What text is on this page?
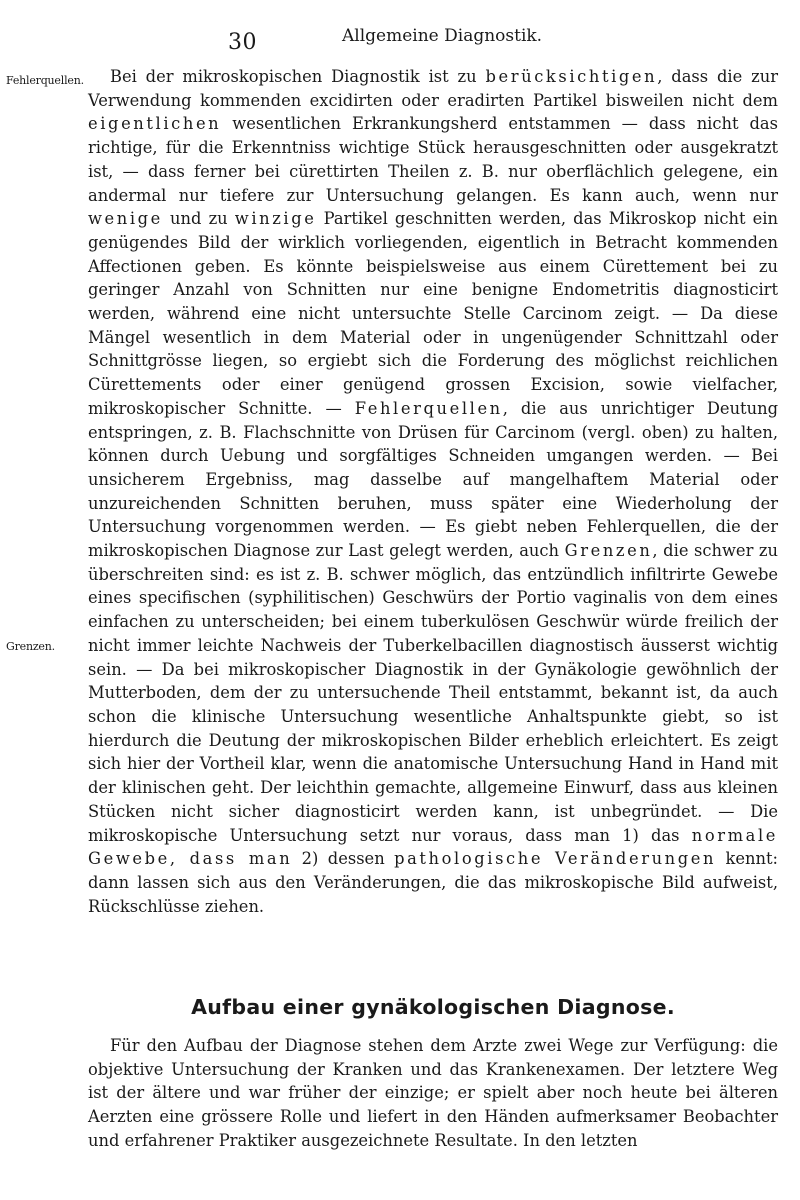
30	Allgemeine Diagnostik.
Fehlerquellen.
Grenzen.

Bei der mikroskopischen Diagnostik ist zu berücksichtigen, dass die zur Verwendung kommenden excidirten oder eradirten Partikel bisweilen nicht dem eigentlichen wesentlichen Erkrankungsherd entstammen — dass nicht das richtige, für die Erkenntniss wichtige Stück herausgeschnitten oder ausgekratzt ist, — dass ferner bei cürettirten Theilen z. B. nur oberflächlich gelegene, ein andermal nur tiefere zur Untersuchung gelangen. Es kann auch, wenn nur wenige und zu winzige Partikel geschnitten werden, das Mikroskop nicht ein genügendes Bild der wirklich vorliegenden, eigentlich in Betracht kommenden Affectionen geben. Es könnte beispielsweise aus einem Cürettement bei zu geringer Anzahl von Schnitten nur eine benigne Endometritis diagnosticirt werden, während eine nicht untersuchte Stelle Carcinom zeigt. — Da diese Mängel wesentlich in dem Material oder in ungenügender Schnittzahl oder Schnittgrösse liegen, so ergiebt sich die Forderung des möglichst reichlichen Cürettements oder einer genügend grossen Excision, sowie vielfacher, mikroskopischer Schnitte. — Fehlerquellen, die aus unrichtiger Deutung entspringen, z. B. Flachschnitte von Drüsen für Carcinom (vergl. oben) zu halten, können durch Uebung und sorgfältiges Schneiden umgangen werden. — Bei unsicherem Ergebniss, mag dasselbe auf mangelhaftem Material oder unzureichenden Schnitten beruhen, muss später eine Wiederholung der Untersuchung vorgenommen werden. — Es giebt neben Fehlerquellen, die der mikroskopischen Diagnose zur Last gelegt werden, auch Grenzen, die schwer zu überschreiten sind: es ist z. B. schwer möglich, das entzündlich infiltrirte Gewebe eines specifischen (syphilitischen) Geschwürs der Portio vaginalis von dem eines einfachen zu unterscheiden; bei einem tuberkulösen Geschwür würde freilich der nicht immer leichte Nachweis der Tuberkelbacillen diagnostisch äusserst wichtig sein. — Da bei mikroskopischer Diagnostik in der Gynäkologie gewöhnlich der Mutterboden, dem der zu untersuchende Theil entstammt, bekannt ist, da auch schon die klinische Untersuchung wesentliche Anhaltspunkte giebt, so ist hierdurch die Deutung der mikroskopischen Bilder erheblich erleichtert. Es zeigt sich hier der Vortheil klar, wenn die anatomische Untersuchung Hand in Hand mit der klinischen geht. Der leichthin gemachte, allgemeine Einwurf, dass aus kleinen Stücken nicht sicher diagnosticirt werden kann, ist unbegründet. — Die mikroskopische Untersuchung setzt nur voraus, dass man 1) das normale Gewebe, dass man 2) dessen pathologische Veränderungen kennt: dann lassen sich aus den Veränderungen, die das mikroskopische Bild aufweist, Rückschlüsse ziehen.

Aufbau einer gynäkologischen Diagnose.

Für den Aufbau der Diagnose stehen dem Arzte zwei Wege zur Verfügung: die objektive Untersuchung der Kranken und das Krankenexamen. Der letztere Weg ist der ältere und war früher der einzige; er spielt aber noch heute bei älteren Aerzten eine grössere Rolle und liefert in den Händen aufmerksamer Beobachter und erfahrener Praktiker ausgezeichnete Resultate. In den letzten
